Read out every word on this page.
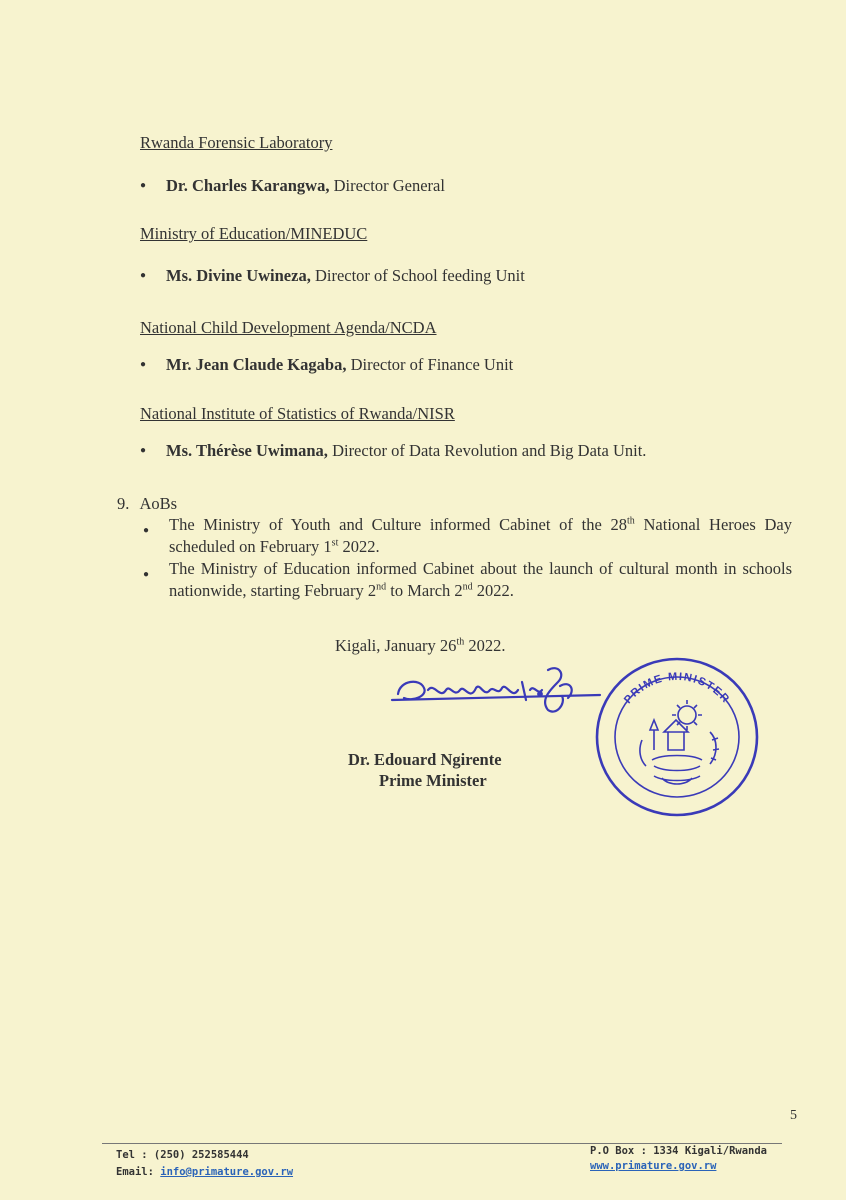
Rwanda Forensic Laboratory
● Dr. Charles Karangwa, Director General
Ministry of Education/MINEDUC
● Ms. Divine Uwineza, Director of School feeding Unit
National Child Development Agenda/NCDA
● Mr. Jean Claude Kagaba, Director of Finance Unit
National Institute of Statistics of Rwanda/NISR
● Ms. Thérèse Uwimana, Director of Data Revolution and Big Data Unit.
9. AoBs
● The Ministry of Youth and Culture informed Cabinet of the 28th National Heroes Day scheduled on February 1st 2022.
● The Ministry of Education informed Cabinet about the launch of cultural month in schools nationwide, starting February 2nd to March 2nd 2022.
Kigali, January 26th 2022.
Dr. Edouard Ngirente
Prime Minister
PRIME MINISTER
5
Tel : (250) 252585444
Email: info@primature.gov.rw
P.O Box : 1334 Kigali/Rwanda
www.primature.gov.rw
